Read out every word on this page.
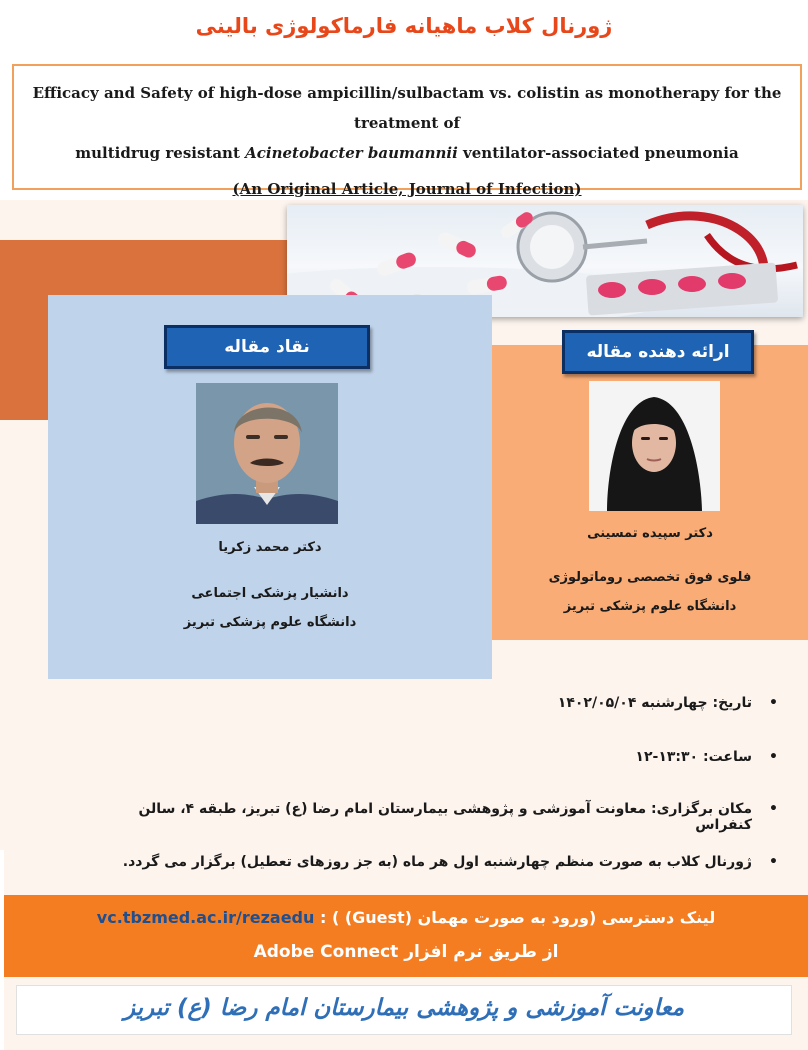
ژورنال کلاب ماهیانه فارماکولوژی بالینی
Efficacy and Safety of high-dose ampicillin/sulbactam vs. colistin as monotherapy for the treatment of
multidrug resistant Acinetobacter baumannii ventilator-associated pneumonia
(An Original Article, Journal of Infection)
نقاد مقاله	ارائه دهنده مقاله
دکتر محمد زکریا
دانشیار پزشکی اجتماعی
دانشگاه علوم پزشکی تبریز
دکتر سپیده تمسینی
فلوی فوق تخصصی روماتولوژی
دانشگاه علوم پزشکی تبریز
•
تاریخ: چهارشنبه ۱۴۰۲/۰۵/۰۴
•
ساعت: ۱۳:۳۰-۱۲
•
مکان برگزاری: معاونت آموزشی و پژوهشی بیمارستان امام رضا (ع) تبریز، طبقه ۴، سالن کنفراس
•
ژورنال کلاب به صورت منظم چهارشنبه اول هر ماه (به جز روزهای تعطیل) برگزار می گردد.
vc.tbzmed.ac.ir/rezaedu لینک دسترسی (ورود به صورت مهمان (Guest) ) :
از طریق نرم افزار Adobe Connect
معاونت آموزشی و پژوهشی بیمارستان امام رضا (ع) تبریز
